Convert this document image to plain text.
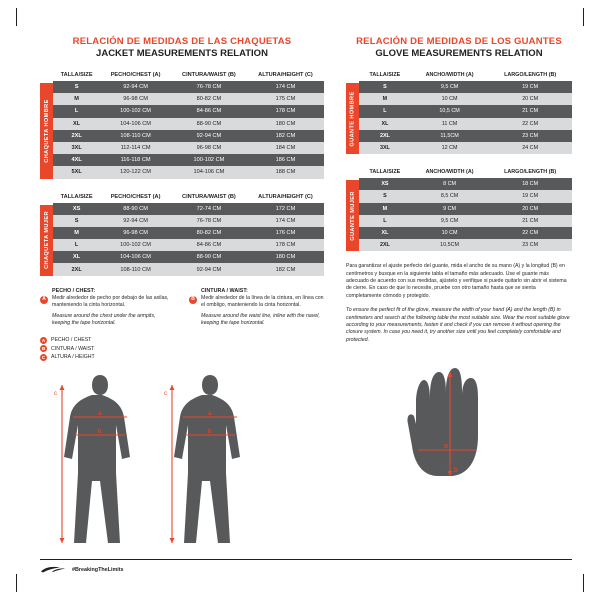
RELACIÓN DE MEDIDAS DE LAS CHAQUETAS
JACKET MEASUREMENTS RELATION
CHAQUETA HOMBRE
TALLA/SIZE	PECHO/CHEST (A)	CINTURA/WAIST (B)	ALTURA/HEIGHT (C)
S	92-94 CM	76-78 CM	174 CM
M	96-98 CM	80-82 CM	175 CM
L	100-102 CM	84-86 CM	178 CM
XL	104-106 CM	88-90 CM	180 CM
2XL	108-110 CM	92-94 CM	182 CM
3XL	112-114 CM	96-98 CM	184 CM
4XL	116-118 CM	100-102 CM	186 CM
5XL	120-122 CM	104-106 CM	188 CM
CHAQUETA MUJER
TALLA/SIZE	PECHO/CHEST (A)	CINTURA/WAIST (B)	ALTURA/HEIGHT (C)
XS	88-90 CM	72-74 CM	172 CM
S	92-94 CM	76-78 CM	174 CM
M	96-98 CM	80-82 CM	176 CM
L	100-102 CM	84-86 CM	178 CM
XL	104-106 CM	88-90 CM	180 CM
2XL	108-110 CM	92-94 CM	182 CM
A
PECHO / CHEST:
Medir alrededor de pecho por debajo de las axilas, manteniendo la cinta horizontal.
Measure around the chest under the armpits, keeping the tape horizontal.
B
CINTURA / WAIST:
Medir alrededor de la línea de la cintura, en línea con el ombligo, manteniendo la cinta horizontal.
Measure around the waist line, inline with the navel, keeping the tape horizontal.
A	PECHO / CHEST
B	CINTURA / WAIST
C	ALTURA / HEIGHT
a
b
c
a
b
c
RELACIÓN DE MEDIDAS DE LOS GUANTES
GLOVE MEASUREMENTS RELATION
GUANTE HOMBRE
TALLA/SIZE	ANCHO/WIDTH (A)	LARGO/LENGTH (B)
S	9,5 CM	19 CM
M	10 CM	20 CM
L	10,5 CM	21 CM
XL	11 CM	22 CM
2XL	11,5CM	23 CM
3XL	12 CM	24 CM
GUANTE MUJER
TALLA/SIZE	ANCHO/WIDTH (A)	LARGO/LENGTH (B)
XS	8 CM	18 CM
S	8,5 CM	19 CM
M	9 CM	20 CM
L	9,5 CM	21 CM
XL	10 CM	22 CM
2XL	10,5CM	23 CM
Para garantizar el ajuste perfecto del guante, mida el ancho de su mano (A) y la longitud (B) en centímetros y busque en la siguiente tabla el tamaño más adecuado. Use el guante más adecuado de acuerdo con sus medidas, ajústelo y verifique si puede quitarlo sin abrir el sistema de cierre. En caso de que lo necesite, pruebe con otro tamaño hasta que se sienta completamente cómodo y protegido.
To ensure the perfect fit of the glove, measure the width of your hand (A) and the length (B) in centimeters and search at the following table the most suitable size. Wear the most suitable glove according to your measurements, fasten it and check if you can remove it without opening the closure system. In case you need it, try another size until you feel completely comfortable and protected.
a
b
#BreakingTheLimits
